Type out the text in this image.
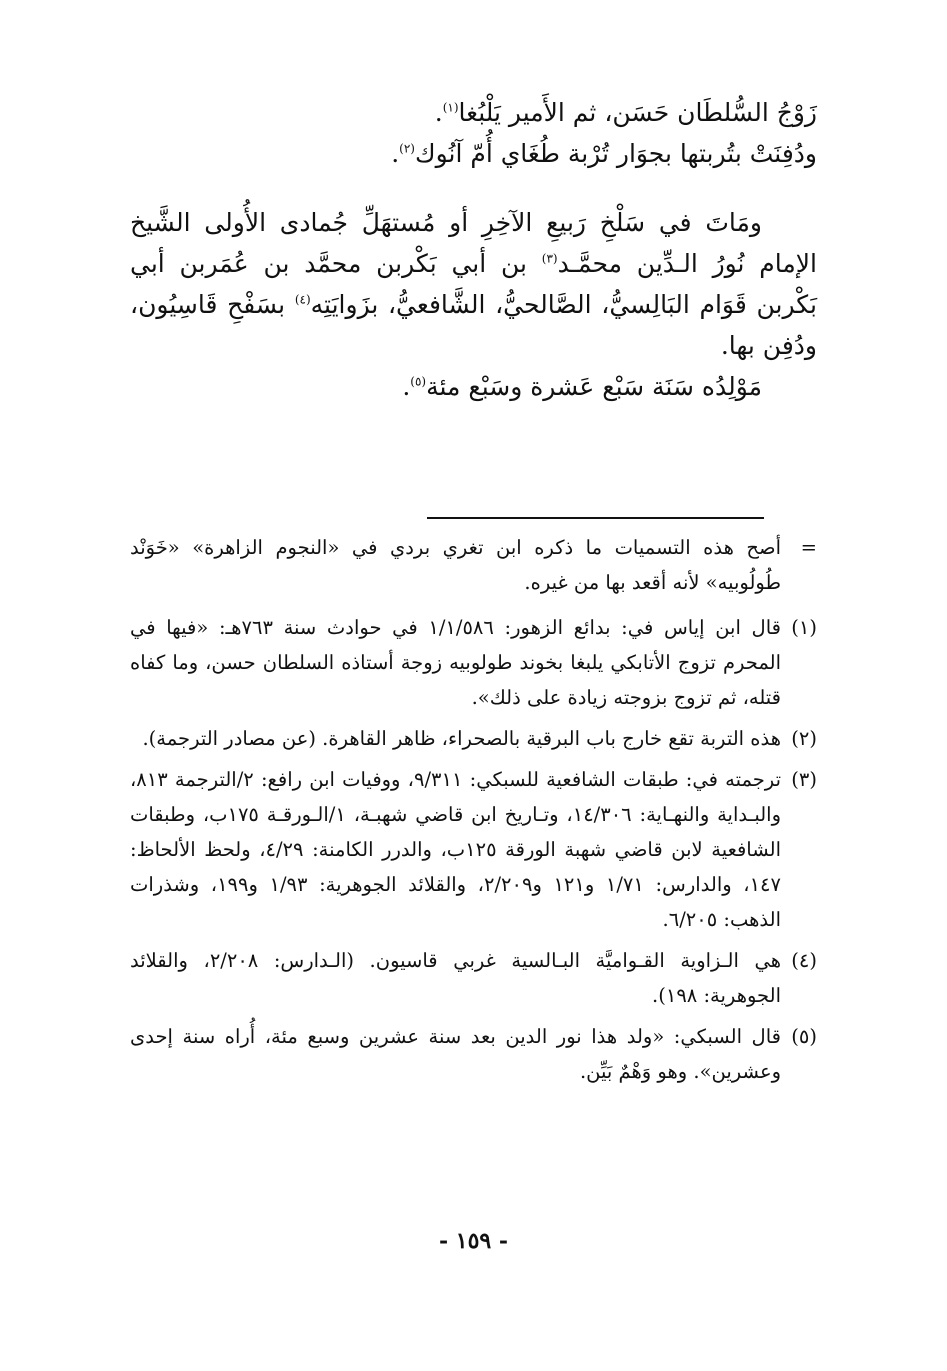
زَوْجُ السُّلطَان حَسَن، ثم الأَمير يَلْبُغا$^{(١)}$.
ودُفِنَتْ بتُربتها بجوَار تُرْبة طُغَاي أُمّ آنُوك$^{(٢)}$.

ومَاتَ في سَلْخِ رَبيعِ الآخِرِ أو مُستهَلِّ جُمادى الأُولى الشَّيخ الإمام نُورُ الـدِّين محمَّـد$^{(٣)}$ بن أبي بَكْربن محمَّد بن عُمَربن أبي بَكْربن قَوَام البَالِسيُّ، الصَّالحيُّ، الشَّافعيُّ، بزَوايَتِه$^{(٤)}$ بسَفْحِ قَاسِيُون، ودُفِن بها.

مَوْلِدُه سَنَة سَبْع عَشرة وسَبْع مئة$^{(٥)}$.

=
أصح هذه التسميات ما ذكره ابن تغري بردي في «النجوم الزاهرة» «خَوَنْد طُولُوبيه» لأنه أقعد بها من غيره.
(١)
قال ابن إياس في: بدائع الزهور: ١/١/٥٨٦ في حوادث سنة ٧٦٣هـ: «فيها في المحرم تزوج الأتابكي يلبغا بخوند طولوبيه زوجة أستاذه السلطان حسن، وما كفاه قتله، ثم تزوج بزوجته زيادة على ذلك».
(٢)
هذه التربة تقع خارج باب البرقية بالصحراء، ظاهر القاهرة. (عن مصادر الترجمة).
(٣)
ترجمته في: طبقات الشافعية للسبكي: ٩/٣١١، ووفيات ابن رافع: ٢/الترجمة ٨١٣، والبـداية والنهـاية: ١٤/٣٠٦، وتـاريخ ابن قاضي شهبـة، ١/الـورقـة ١٧٥ب، وطبقات الشافعية لابن قاضي شهبة الورقة ١٢٥ب، والدرر الكامنة: ٤/٢٩، ولحظ الألحاظ: ١٤٧، والدارس: ١/٧١ و١٢١ و٢/٢٠٩، والقلائد الجوهرية: ١/٩٣ و١٩٩، وشذرات الذهب: ٦/٢٠٥.
(٤)
هي الـزاوية القـواميَّة البـالسية غربي قاسيون. (الـدارس: ٢/٢٠٨، والقلائد الجوهرية: ١٩٨).
(٥)
قال السبكي: «ولد هذا نور الدين بعد سنة عشرين وسبع مئة، أُراه سنة إحدى وعشرين». وهو وَهْمٌ بَيِّن.
- ١٥٩ -
